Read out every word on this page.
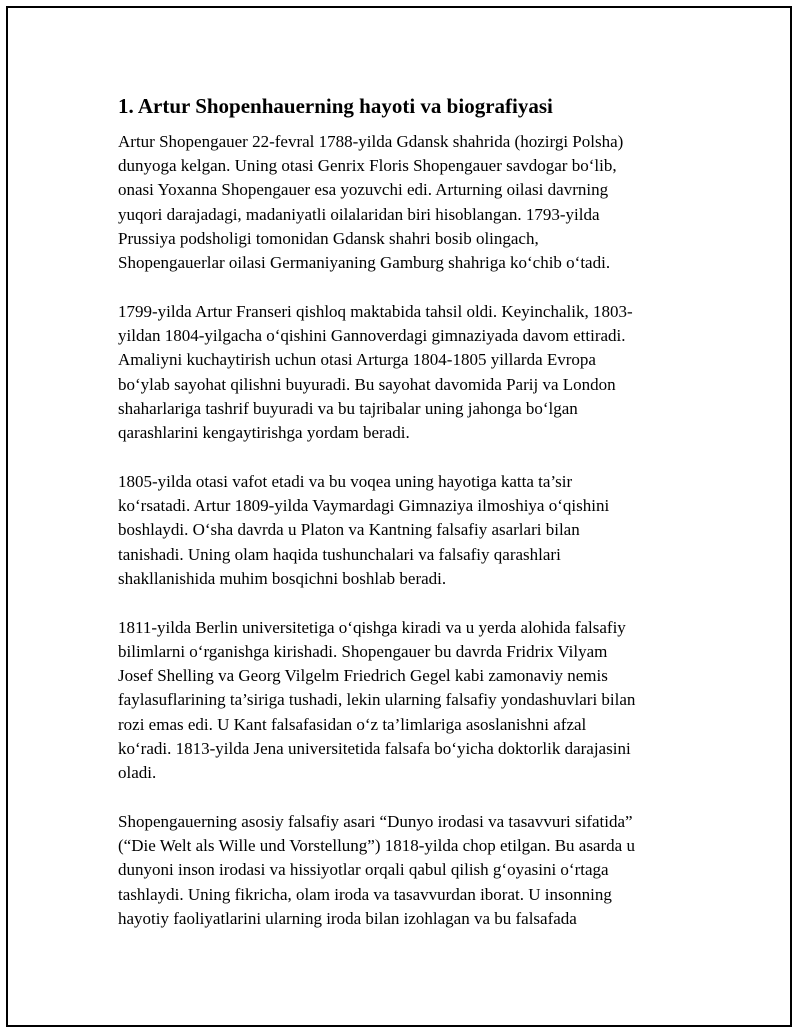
1. Artur Shopenhauerning hayoti va biografiyasi
Artur Shopengauer 22-fevral 1788-yilda Gdansk shahrida (hozirgi Polsha)
dunyoga kelgan. Uning otasi Genrix Floris Shopengauer savdogar bo‘lib,
onasi Yoxanna Shopengauer esa yozuvchi edi. Arturning oilasi davrning
yuqori darajadagi, madaniyatli oilalaridan biri hisoblangan. 1793-yilda
Prussiya podsholigi tomonidan Gdansk shahri bosib olingach,
Shopengauerlar oilasi Germaniyaning Gamburg shahriga ko‘chib o‘tadi.
1799-yilda Artur Franseri qishloq maktabida tahsil oldi. Keyinchalik, 1803-
yildan 1804-yilgacha o‘qishini Gannoverdagi gimnaziyada davom ettiradi.
Amaliyni kuchaytirish uchun otasi Arturga 1804-1805 yillarda Evropa
bo‘ylab sayohat qilishni buyuradi. Bu sayohat davomida Parij va London
shaharlariga tashrif buyuradi va bu tajribalar uning jahonga bo‘lgan
qarashlarini kengaytirishga yordam beradi.
1805-yilda otasi vafot etadi va bu voqea uning hayotiga katta ta’sir
ko‘rsatadi. Artur 1809-yilda Vaymardagi Gimnaziya ilmoshiya o‘qishini
boshlaydi. O‘sha davrda u Platon va Kantning falsafiy asarlari bilan
tanishadi. Uning olam haqida tushunchalari va falsafiy qarashlari
shakllanishida muhim bosqichni boshlab beradi.
1811-yilda Berlin universitetiga o‘qishga kiradi va u yerda alohida falsafiy
bilimlarni o‘rganishga kirishadi. Shopengauer bu davrda Fridrix Vilyam
Josef Shelling va Georg Vilgelm Friedrich Gegel kabi zamonaviy nemis
faylasuflarining ta’siriga tushadi, lekin ularning falsafiy yondashuvlari bilan
rozi emas edi. U Kant falsafasidan o‘z ta’limlariga asoslanishni afzal
ko‘radi. 1813-yilda Jena universitetida falsafa bo‘yicha doktorlik darajasini
oladi.
Shopengauerning asosiy falsafiy asari “Dunyo irodasi va tasavvuri sifatida”
(“Die Welt als Wille und Vorstellung”) 1818-yilda chop etilgan. Bu asarda u
dunyoni inson irodasi va hissiyotlar orqali qabul qilish g‘oyasini o‘rtaga
tashlaydi. Uning fikricha, olam iroda va tasavvurdan iborat. U insonning
hayotiy faoliyatlarini ularning iroda bilan izohlagan va bu falsafada
